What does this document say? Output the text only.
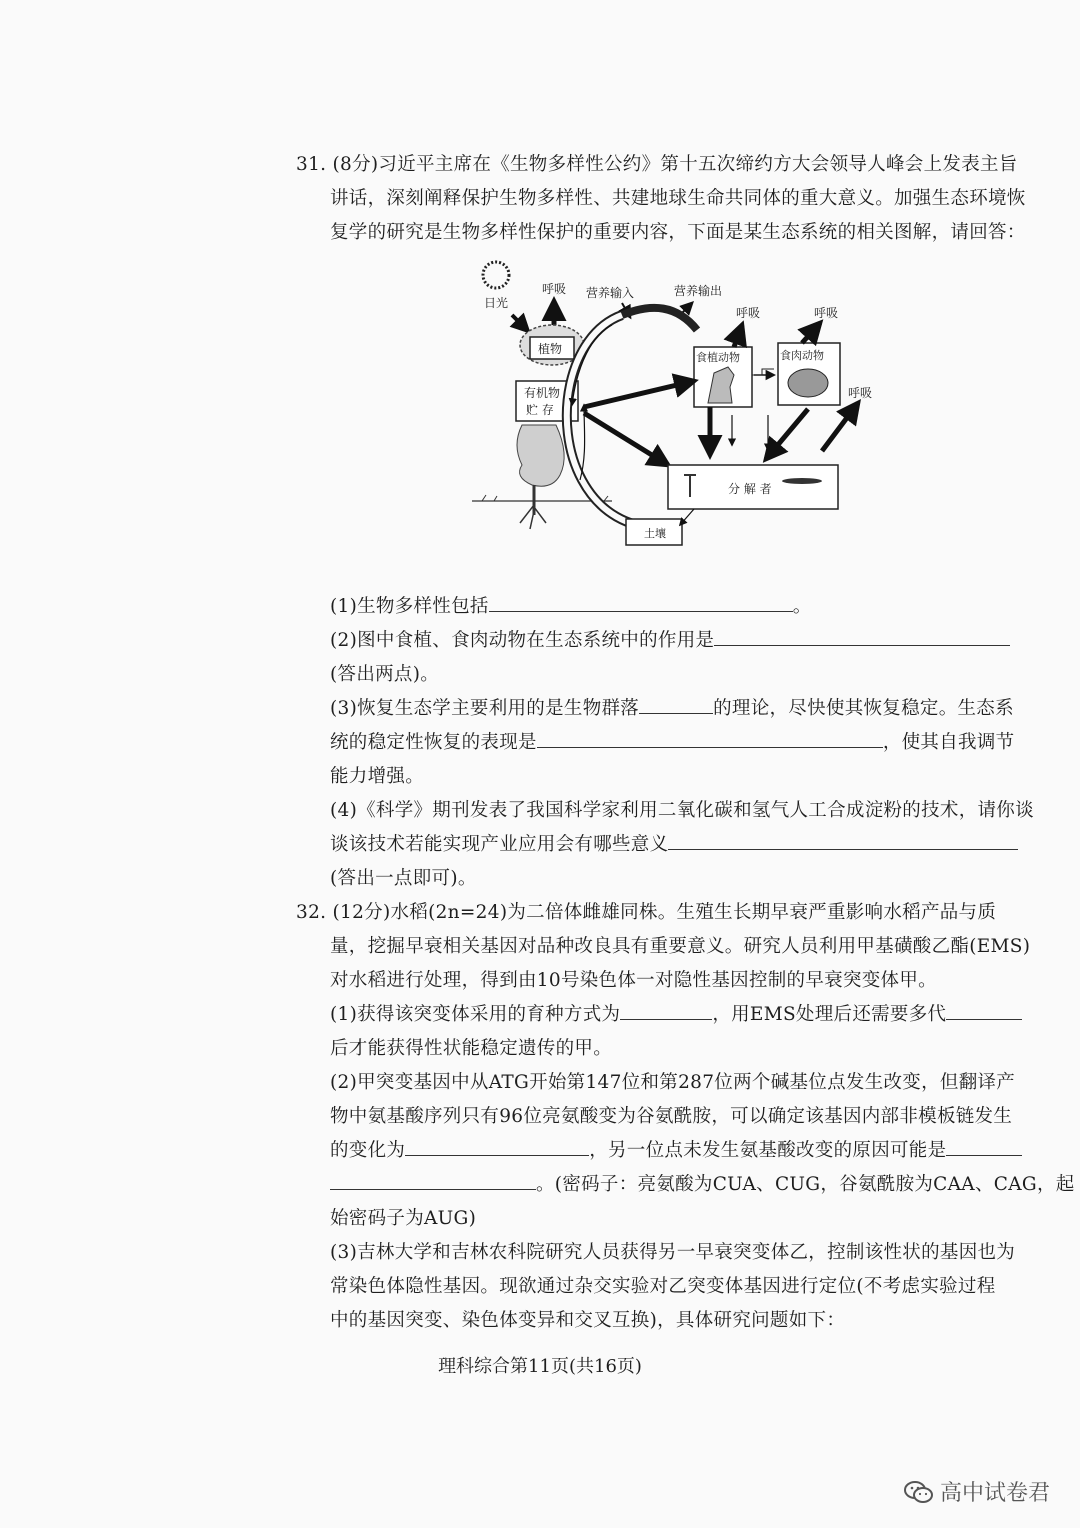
31. (8分)习近平主席在《生物多样性公约》第十五次缔约方大会领导人峰会上发表主旨
讲话，深刻阐释保护生物多样性、共建地球生命共同体的重大意义。加强生态环境恢
复学的研究是生物多样性保护的重要内容，下面是某生态系统的相关图解，请回答：
日光
呼吸
植物
有机物
贮 存
营养输入	营养输出
食植动物	食肉动物
呼吸	呼吸
呼吸
分 解 者
土壤
(1)生物多样性包括	。
(2)图中食植、食肉动物在生态系统中的作用是
(答出两点)。
(3)恢复生态学主要利用的是生物群落	的理论，尽快使其恢复稳定。生态系
统的稳定性恢复的表现是	，使其自我调节
能力增强。
(4)《科学》期刊发表了我国科学家利用二氧化碳和氢气人工合成淀粉的技术，请你谈
谈该技术若能实现产业应用会有哪些意义
(答出一点即可)。
32. (12分)水稻(2n=24)为二倍体雌雄同株。生殖生长期早衰严重影响水稻产品与质
量，挖掘早衰相关基因对品种改良具有重要意义。研究人员利用甲基磺酸乙酯(EMS)
对水稻进行处理，得到由10号染色体一对隐性基因控制的早衰突变体甲。
(1)获得该突变体采用的育种方式为	，用EMS处理后还需要多代
后才能获得性状能稳定遗传的甲。
(2)甲突变基因中从ATG开始第147位和第287位两个碱基位点发生改变，但翻译产
物中氨基酸序列只有96位亮氨酸变为谷氨酰胺，可以确定该基因内部非模板链发生
的变化为	，另一位点未发生氨基酸改变的原因可能是
。(密码子：亮氨酸为CUA、CUG，谷氨酰胺为CAA、CAG，起
始密码子为AUG)
(3)吉林大学和吉林农科院研究人员获得另一早衰突变体乙，控制该性状的基因也为
常染色体隐性基因。现欲通过杂交实验对乙突变体基因进行定位(不考虑实验过程
中的基因突变、染色体变异和交叉互换)，具体研究问题如下：
理科综合第11页(共16页)
高中试卷君
